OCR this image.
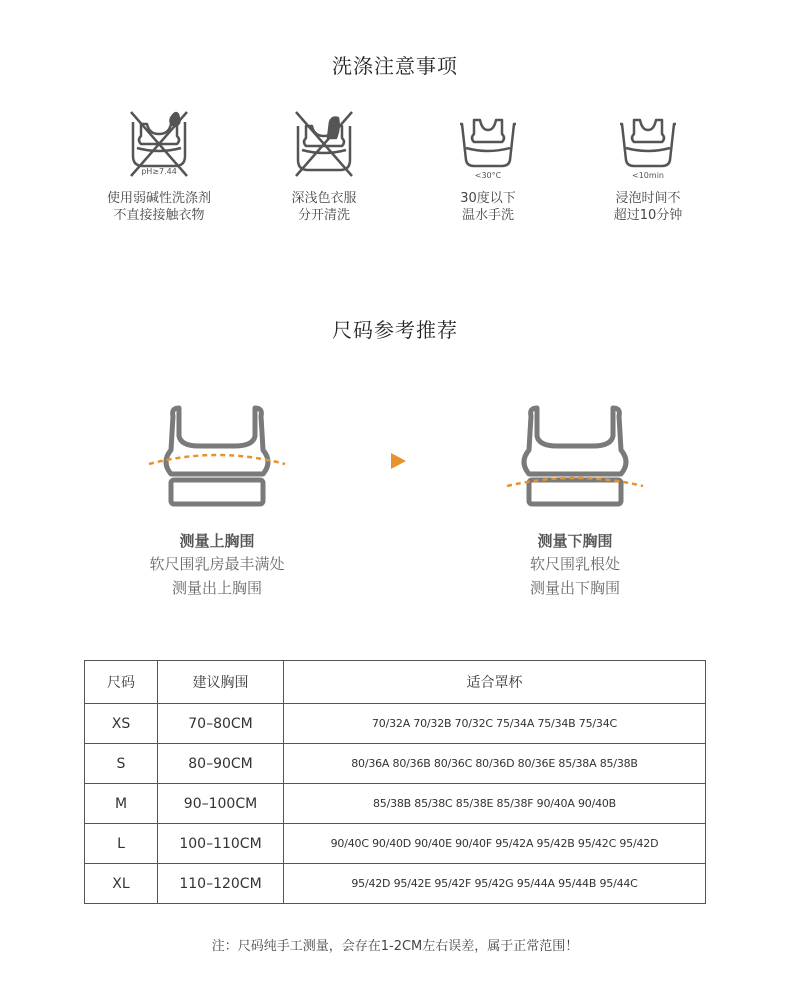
洗涤注意事项
pH≥7.44
使用弱碱性洗涤剂
不直接接触衣物
深浅色衣服
分开清洗
<30°C
30度以下
温水手洗
<10min
浸泡时间不
超过10分钟
尺码参考推荐
测量上胸围
软尺围乳房最丰满处
测量出上胸围
测量下胸围
软尺围乳根处
测量出下胸围
尺码	建议胸围	适合罩杯
XS	70–80CM	70/32A 70/32B 70/32C 75/34A 75/34B 75/34C
S	80–90CM	80/36A 80/36B 80/36C 80/36D 80/36E 85/38A 85/38B
M	90–100CM	85/38B 85/38C 85/38E 85/38F 90/40A 90/40B
L	100–110CM	90/40C 90/40D 90/40E 90/40F 95/42A 95/42B 95/42C 95/42D
XL	110–120CM	95/42D 95/42E 95/42F 95/42G 95/44A 95/44B 95/44C
注：尺码纯手工测量，会存在1-2CM左右误差，属于正常范围！
